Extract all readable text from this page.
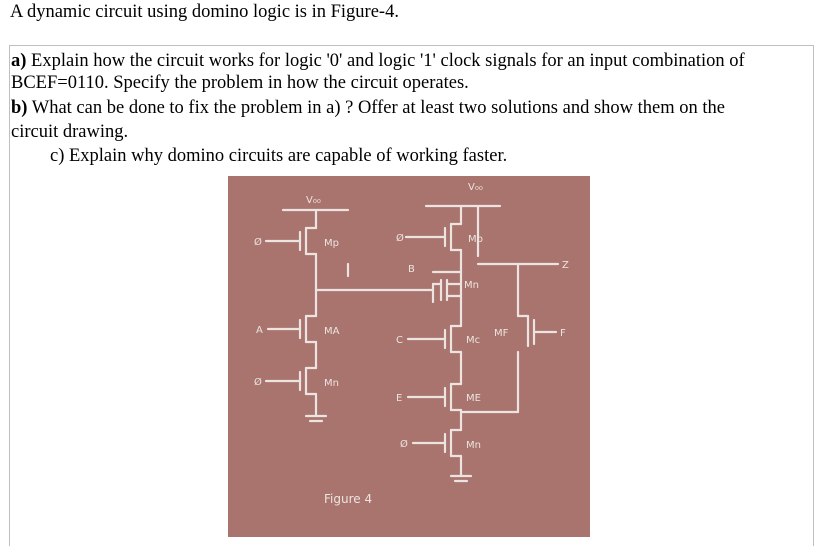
A dynamic circuit using domino logic is in Figure-4.
a) Explain how the circuit works for logic '0' and logic '1' clock signals for an input combination of
BCEF=0110. Specify the problem in how the circuit operates.
b) What can be done to fix the problem in a) ? Offer at least two solutions and show them on the
circuit drawing.
c) Explain why domino circuits are capable of working faster.
V₀₀
V₀₀
Ø	Mp	Ø	Mp
B
Mn
Z
A	MA
C	Mc
MF	F
Ø	Mn
E	ME
Ø	Mn
Figure 4
